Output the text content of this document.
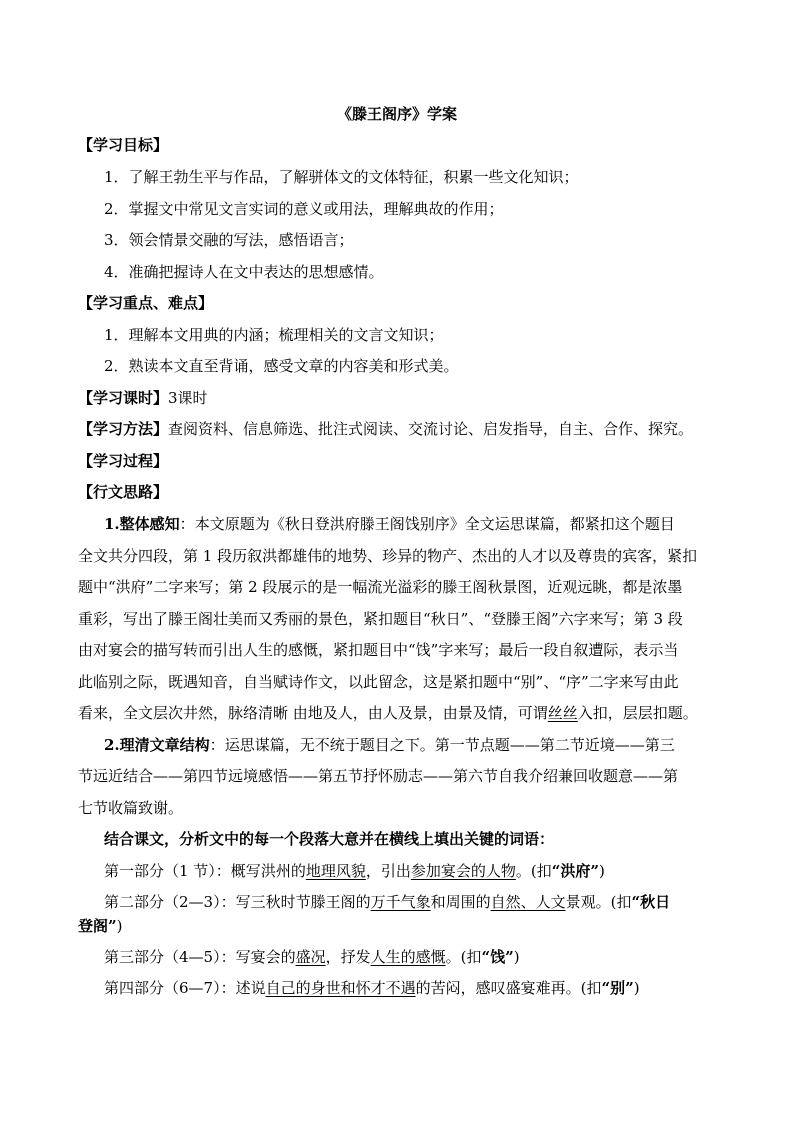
《滕王阁序》学案
【学习目标】
1．了解王勃生平与作品，了解骈体文的文体特征，积累一些文化知识；
2．掌握文中常见文言实词的意义或用法，理解典故的作用；
3．领会情景交融的写法，感悟语言；
4．准确把握诗人在文中表达的思想感情。
【学习重点、难点】
1．理解本文用典的内涵；梳理相关的文言文知识；
2．熟读本文直至背诵，感受文章的内容美和形式美。
【学习课时】3课时
【学习方法】查阅资料、信息筛选、批注式阅读、交流讨论、启发指导，自主、合作、探究。
【学习过程】
【行文思路】
1.整体感知：本文原题为《秋日登洪府滕王阁饯别序》全文运思谋篇，都紧扣这个题目
全文共分四段，第 1 段历叙洪都雄伟的地势、珍异的物产、杰出的人才以及尊贵的宾客，紧扣
题中“洪府”二字来写；第 2 段展示的是一幅流光溢彩的滕王阁秋景图，近观远眺，都是浓墨
重彩，写出了滕王阁壮美而又秀丽的景色，紧扣题目“秋日”、“登滕王阁”六字来写；第 3 段
由对宴会的描写转而引出人生的感慨，紧扣题目中“饯”字来写；最后一段自叙遭际，表示当
此临别之际，既遇知音，自当赋诗作文，以此留念，这是紧扣题中“别”、“序”二字来写由此
看来，全文层次井然，脉络清晰 由地及人，由人及景，由景及情，可谓丝丝入扣，层层扣题。
2.理清文章结构：运思谋篇，无不统于题目之下。第一节点题——第二节近境——第三
节远近结合——第四节远境感悟——第五节抒怀励志——第六节自我介绍兼回收题意——第
七节收篇致谢。
结合课文，分析文中的每一个段落大意并在横线上填出关键的词语：
第一部分（1 节）：概写洪州的地理风貌，引出参加宴会的人物。(扣“洪府”)
第二部分（2—3）：写三秋时节滕王阁的万千气象和周围的自然、人文景观。(扣“秋日
登阁”)
第三部分（4—5）：写宴会的盛况，抒发人生的感慨。(扣“饯”)
第四部分（6—7）：述说自己的身世和怀才不遇的苦闷，感叹盛宴难再。(扣“别”)
